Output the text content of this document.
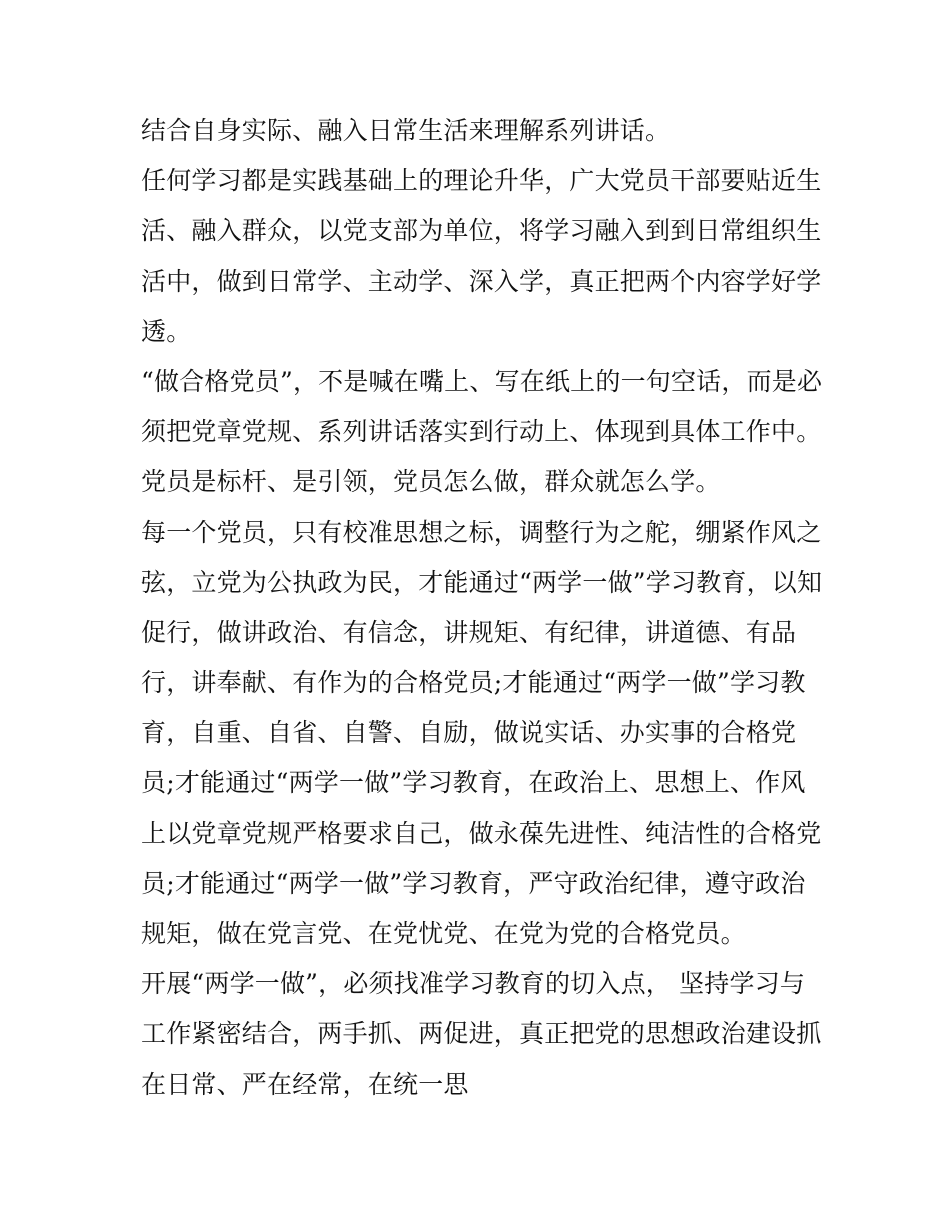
结合自身实际、融入日常生活来理解系列讲话。
任何学习都是实践基础上的理论升华，广大党员干部要贴近生
活、融入群众，以党支部为单位，将学习融入到到日常组织生
活中，做到日常学、主动学、深入学，真正把两个内容学好学
透。
“做合格党员”，不是喊在嘴上、写在纸上的一句空话，而是必
须把党章党规、系列讲话落实到行动上、体现到具体工作中。
党员是标杆、是引领，党员怎么做，群众就怎么学。
每一个党员，只有校准思想之标，调整行为之舵，绷紧作风之
弦，立党为公执政为民，才能通过“两学一做”学习教育，以知
促行，做讲政治、有信念，讲规矩、有纪律，讲道德、有品
行，讲奉献、有作为的合格党员;才能通过“两学一做”学习教
育，自重、自省、自警、自励，做说实话、办实事的合格党
员;才能通过“两学一做”学习教育，在政治上、思想上、作风
上以党章党规严格要求自己，做永葆先进性、纯洁性的合格党
员;才能通过“两学一做”学习教育，严守政治纪律，遵守政治
规矩，做在党言党、在党忧党、在党为党的合格党员。
开展“两学一做”，必须找准学习教育的切入点， 坚持学习与
工作紧密结合，两手抓、两促进，真正把党的思想政治建设抓
在日常、严在经常，在统一思
